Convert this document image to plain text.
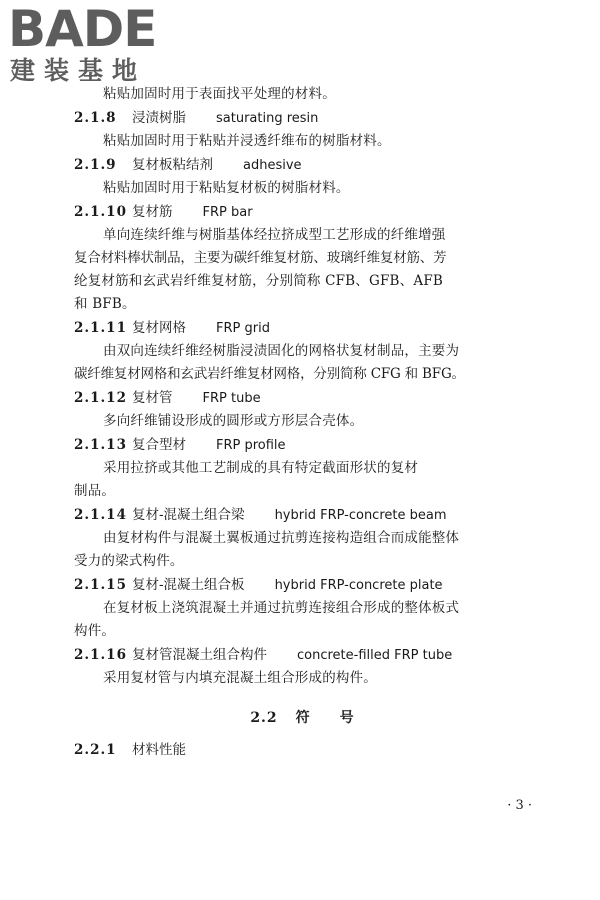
BADE
建装基地
粘贴加固时用于表面找平处理的材料。
2.1.8 浸渍树脂 saturating resin
粘贴加固时用于粘贴并浸透纤维布的树脂材料。
2.1.9 复材板粘结剂 adhesive
粘贴加固时用于粘贴复材板的树脂材料。
2.1.10 复材筋 FRP bar
单向连续纤维与树脂基体经拉挤成型工艺形成的纤维增强
复合材料棒状制品，主要为碳纤维复材筋、玻璃纤维复材筋、芳
纶复材筋和玄武岩纤维复材筋，分别简称 CFB、GFB、AFB
和 BFB。
2.1.11 复材网格 FRP grid
由双向连续纤维经树脂浸渍固化的网格状复材制品，主要为
碳纤维复材网格和玄武岩纤维复材网格，分别简称 CFG 和 BFG。
2.1.12 复材管 FRP tube
多向纤维铺设形成的圆形或方形层合壳体。
2.1.13 复合型材 FRP profile
采用拉挤或其他工艺制成的具有特定截面形状的复材
制品。
2.1.14 复材-混凝土组合梁 hybrid FRP-concrete beam
由复材构件与混凝土翼板通过抗剪连接构造组合而成能整体
受力的梁式构件。
2.1.15 复材-混凝土组合板 hybrid FRP-concrete plate
在复材板上浇筑混凝土并通过抗剪连接组合形成的整体板式
构件。
2.1.16 复材管混凝土组合构件 concrete-filled FRP tube
采用复材管与内填充混凝土组合形成的构件。
2.2 符号
2.2.1 材料性能
· 3 ·
